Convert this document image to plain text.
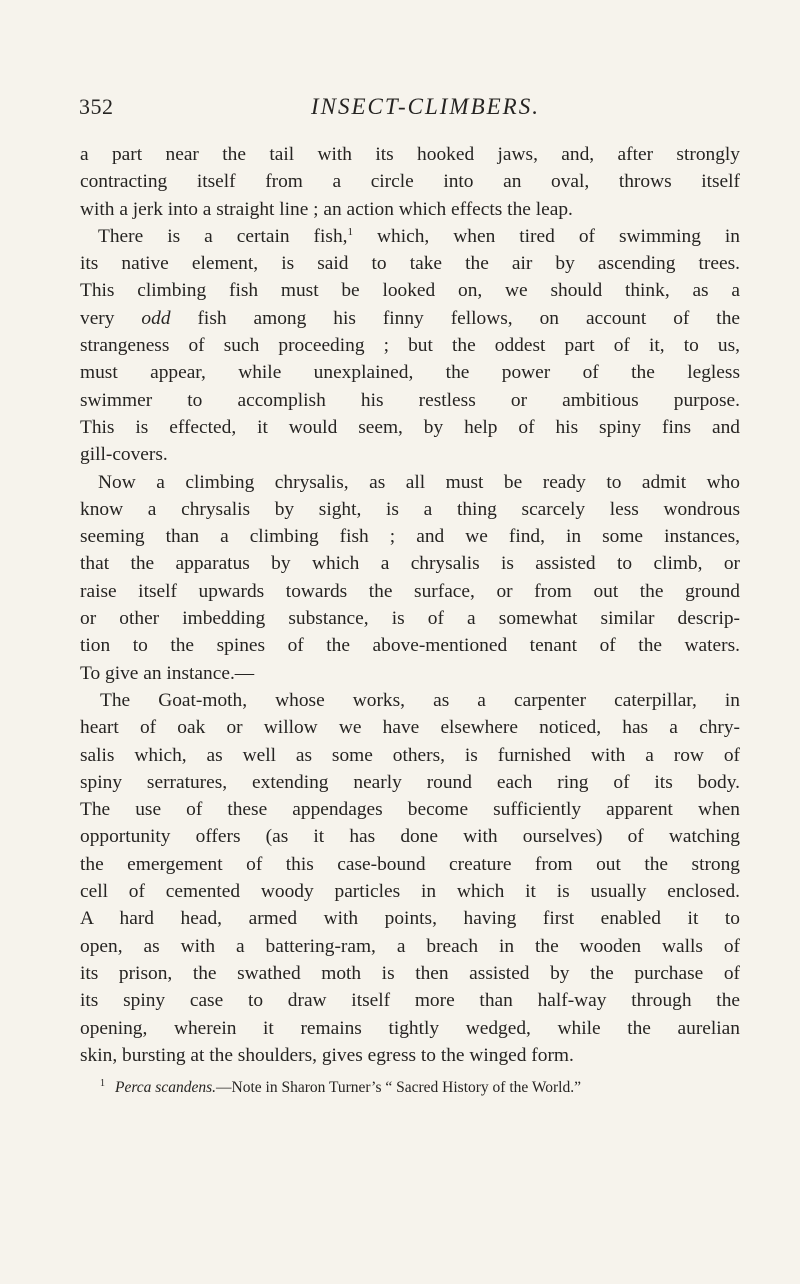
352	INSECT-CLIMBERS.
a part near the tail with its hooked jaws, and, after strongly
contracting itself from a circle into an oval, throws itself
with a jerk into a straight line ; an action which effects the leap.
There is a certain fish,$^1$ which, when tired of swimming in
its native element, is said to take the air by ascending trees.
This climbing fish must be looked on, we should think, as a
very odd fish among his finny fellows, on account of the
strangeness of such proceeding ; but the oddest part of it, to us,
must appear, while unexplained, the power of the legless
swimmer to accomplish his restless or ambitious purpose.
This is effected, it would seem, by help of his spiny fins and
gill-covers.
Now a climbing chrysalis, as all must be ready to admit who
know a chrysalis by sight, is a thing scarcely less wondrous
seeming than a climbing fish ; and we find, in some instances,
that the apparatus by which a chrysalis is assisted to climb, or
raise itself upwards towards the surface, or from out the ground
or other imbedding substance, is of a somewhat similar descrip-
tion to the spines of the above-mentioned tenant of the waters.
To give an instance.—
The Goat-moth, whose works, as a carpenter caterpillar, in
heart of oak or willow we have elsewhere noticed, has a chry-
salis which, as well as some others, is furnished with a row of
spiny serratures, extending nearly round each ring of its body.
The use of these appendages become sufficiently apparent when
opportunity offers (as it has done with ourselves) of watching
the emergement of this case-bound creature from out the strong
cell of cemented woody particles in which it is usually enclosed.
A hard head, armed with points, having first enabled it to
open, as with a battering-ram, a breach in the wooden walls of
its prison, the swathed moth is then assisted by the purchase of
its spiny case to draw itself more than half-way through the
opening, wherein it remains tightly wedged, while the aurelian
skin, bursting at the shoulders, gives egress to the winged form.
$^1$ Perca scandens.—Note in Sharon Turner’s “ Sacred History of the World.”
